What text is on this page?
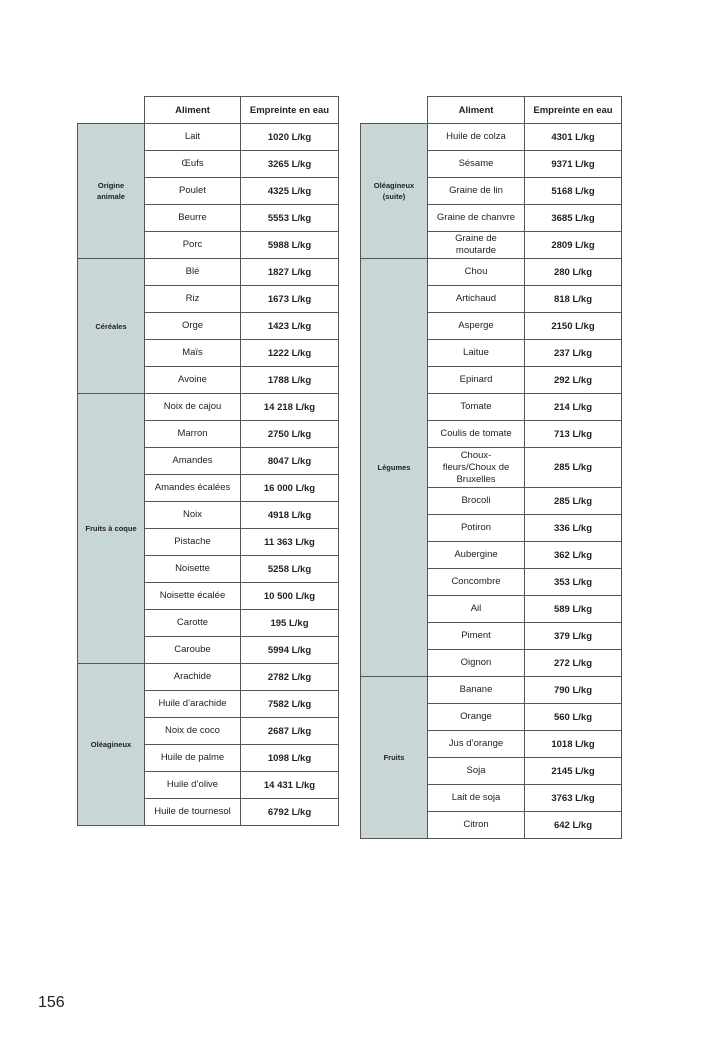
	Aliment	Empreinte en eau
Origine
animale	Lait	1020 L/kg
	Œufs	3265 L/kg
	Poulet	4325 L/kg
	Beurre	5553 L/kg
	Porc	5988 L/kg
Céréales	Blé	1827 L/kg
	Riz	1673 L/kg
	Orge	1423 L/kg
	Maïs	1222 L/kg
	Avoine	1788 L/kg
Fruits à coque	Noix de cajou	14 218 L/kg
	Marron	2750 L/kg
	Amandes	8047 L/kg
	Amandes écalées	16 000 L/kg
	Noix	4918 L/kg
	Pistache	11 363 L/kg
	Noisette	5258 L/kg
	Noisette écalée	10 500 L/kg
	Carotte	195 L/kg
	Caroube	5994 L/kg
Oléagineux	Arachide	2782 L/kg
	Huile d’arachide	7582 L/kg
	Noix de coco	2687 L/kg
	Huile de palme	1098 L/kg
	Huile d’olive	14 431 L/kg
	Huile de tournesol	6792 L/kg
	Aliment	Empreinte en eau
Oléagineux
(suite)	Huile de colza	4301 L/kg
	Sésame	9371 L/kg
	Graine de lin	5168 L/kg
	Graine de chanvre	3685 L/kg
	Graine de
moutarde	2809 L/kg
Légumes	Chou	280 L/kg
	Artichaud	818 L/kg
	Asperge	2150 L/kg
	Laitue	237 L/kg
	Epinard	292 L/kg
	Tomate	214 L/kg
	Coulis de tomate	713 L/kg
	Choux-
fleurs/Choux de
Bruxelles	285 L/kg
	Brocoli	285 L/kg
	Potiron	336 L/kg
	Aubergine	362 L/kg
	Concombre	353 L/kg
	Ail	589 L/kg
	Piment	379 L/kg
	Oignon	272 L/kg
Fruits	Banane	790 L/kg
	Orange	560 L/kg
	Jus d’orange	1018 L/kg
	Soja	2145 L/kg
	Lait de soja	3763 L/kg
	Citron	642 L/kg
156
